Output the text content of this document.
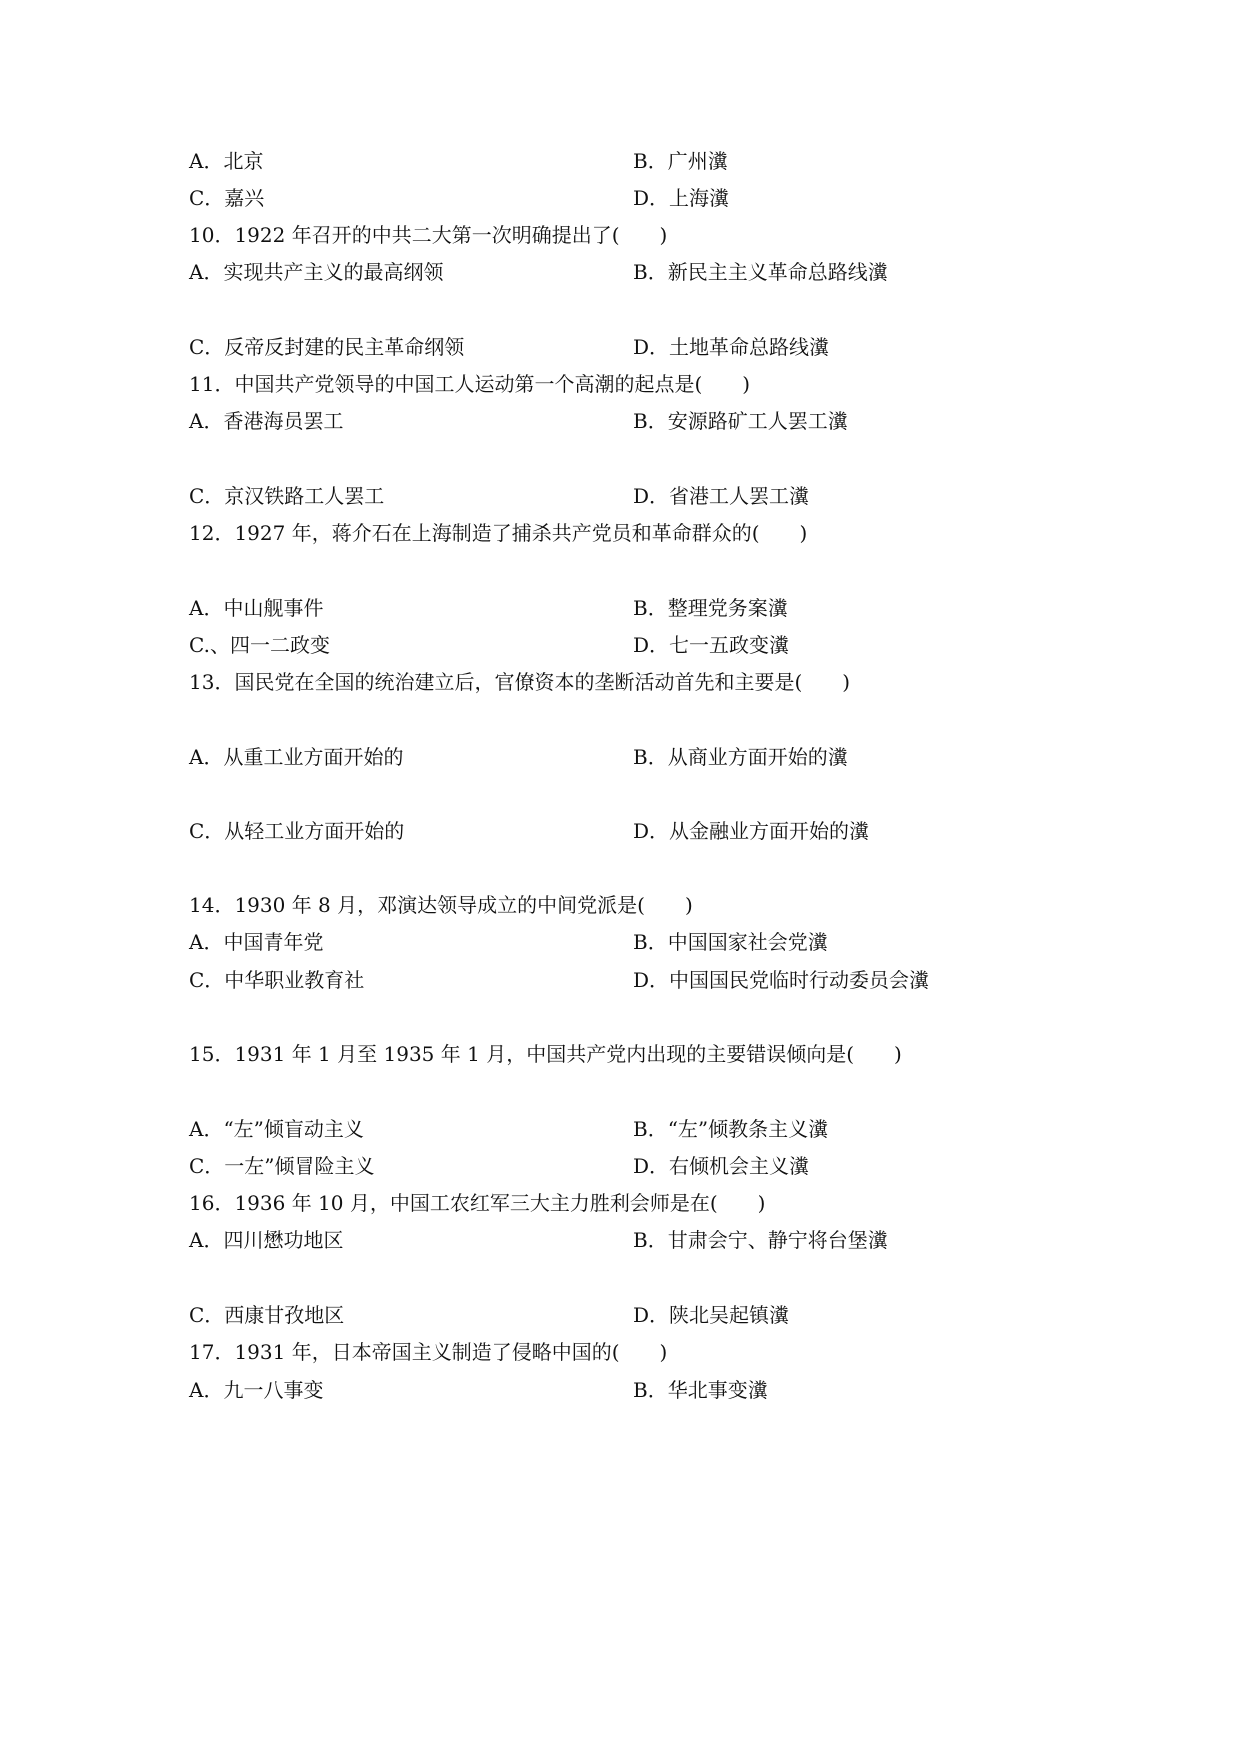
A．北京	B．广州瀵
C．嘉兴	D．上海瀵
10．1922 年召开的中共二大第一次明确提出了(　　)
A．实现共产主义的最高纲领	B．新民主主义革命总路线瀵
C．反帝反封建的民主革命纲领	D．土地革命总路线瀵
11．中国共产党领导的中国工人运动第一个高潮的起点是(　　)
A．香港海员罢工	B．安源路矿工人罢工瀵
C．京汉铁路工人罢工	D．省港工人罢工瀵
12．1927 年，蒋介石在上海制造了捕杀共产党员和革命群众的(　　)
A．中山舰事件	B．整理党务案瀵
C.、四一二政变	D．七一五政变瀵
13．国民党在全国的统治建立后，官僚资本的垄断活动首先和主要是(　　)
A．从重工业方面开始的	B．从商业方面开始的瀵
C．从轻工业方面开始的	D．从金融业方面开始的瀵
14．1930 年 8 月，邓演达领导成立的中间党派是(　　)
A．中国青年党	B．中国国家社会党瀵
C．中华职业教育社	D．中国国民党临时行动委员会瀵
15．1931 年 1 月至 1935 年 1 月，中国共产党内出现的主要错误倾向是(　　)
A．“左”倾盲动主义	B．“左”倾教条主义瀵
C．一左”倾冒险主义	D．右倾机会主义瀵
16．1936 年 10 月，中国工农红军三大主力胜利会师是在(　　)
A．四川懋功地区	B．甘肃会宁、静宁将台堡瀵
C．西康甘孜地区	D．陕北吴起镇瀵
17．1931 年，日本帝国主义制造了侵略中国的(　　)
A．九一八事变	B．华北事变瀵
